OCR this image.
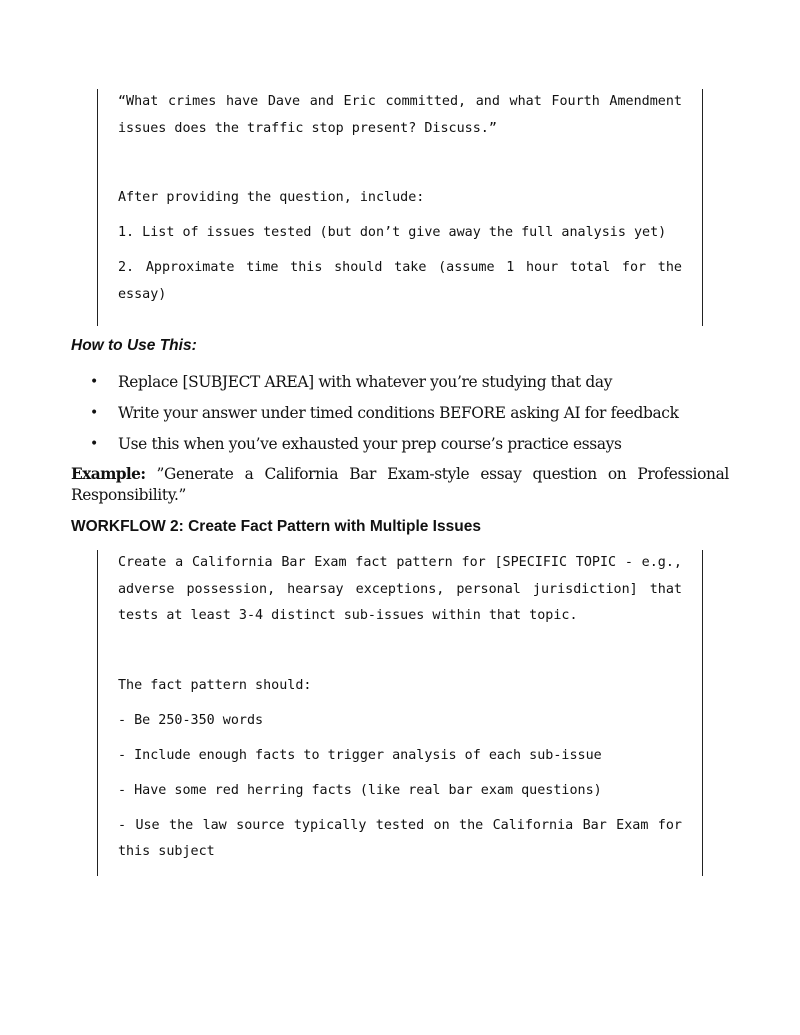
“What crimes have Dave and Eric committed, and what Fourth Amendment issues does the traffic stop present? Discuss.”

After providing the question, include:

1. List of issues tested (but don’t give away the full analysis yet)

2. Approximate time this should take (assume 1 hour total for the essay)

How to Use This:
• Replace [SUBJECT AREA] with whatever you’re studying that day
• Write your answer under timed conditions BEFORE asking AI for feedback
• Use this when you’ve exhausted your prep course’s practice essays
Example: ”Generate a California Bar Exam-style essay question on Professional Responsibility.”
WORKFLOW 2: Create Fact Pattern with Multiple Issues

Create a California Bar Exam fact pattern for [SPECIFIC TOPIC - e.g., adverse possession, hearsay exceptions, personal jurisdiction] that tests at least 3-4 distinct sub-issues within that topic.

The fact pattern should:

- Be 250-350 words

- Include enough facts to trigger analysis of each sub-issue

- Have some red herring facts (like real bar exam questions)

- Use the law source typically tested on the California Bar Exam for this subject
